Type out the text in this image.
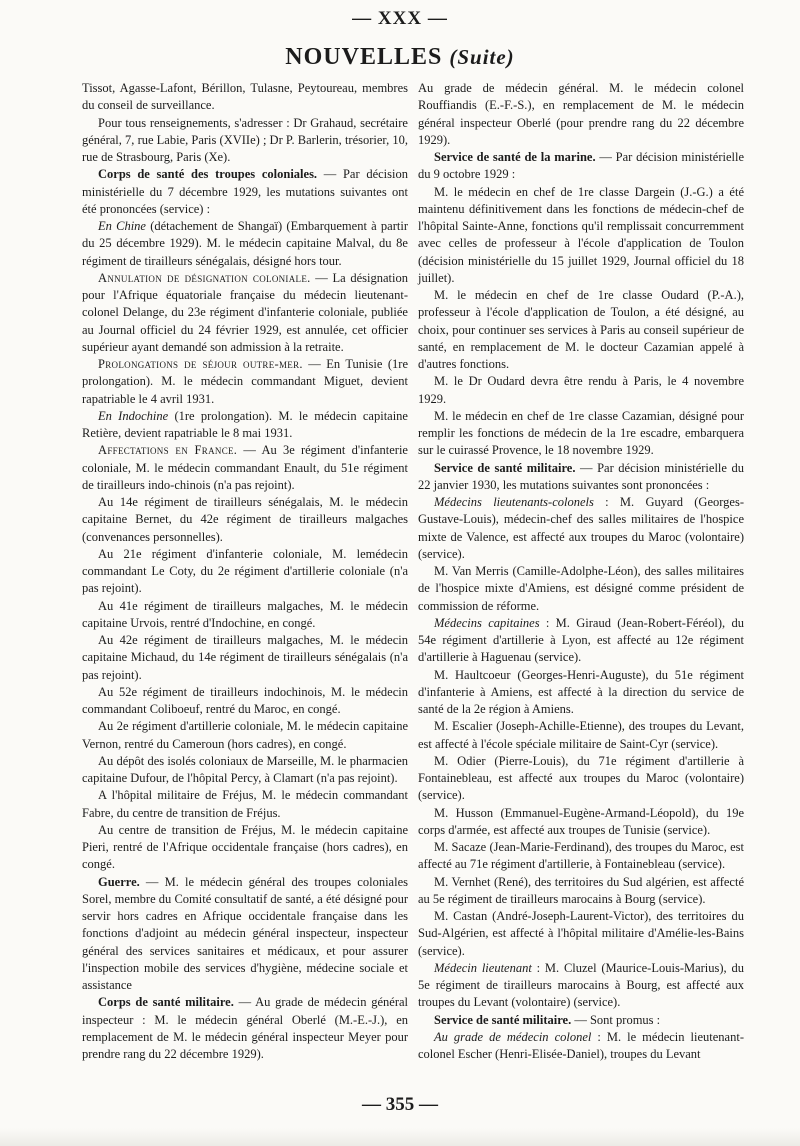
— XXX —
NOUVELLES (Suite)

Tissot, Agasse-Lafont, Bérillon, Tulasne, Peytoureau, membres du conseil de surveillance.

Pour tous renseignements, s'adresser : Dr Grahaud, secrétaire général, 7, rue Labie, Paris (XVIIe) ; Dr P. Barlerin, trésorier, 10, rue de Strasbourg, Paris (Xe).

Corps de santé des troupes coloniales. — Par décision ministérielle du 7 décembre 1929, les mutations suivantes ont été prononcées (service) :

En Chine (détachement de Shangaï) (Embarquement à partir du 25 décembre 1929). M. le médecin capitaine Malval, du 8e régiment de tirailleurs sénégalais, désigné hors tour.

Annulation de désignation coloniale. — La désignation pour l'Afrique équatoriale française du médecin lieutenant-colonel Delange, du 23e régiment d'infanterie coloniale, publiée au Journal officiel du 24 février 1929, est annulée, cet officier supérieur ayant demandé son admission à la retraite.

Prolongations de séjour outre-mer. — En Tunisie (1re prolongation). M. le médecin commandant Miguet, devient rapatriable le 4 avril 1931.

En Indochine (1re prolongation). M. le médecin capitaine Retière, devient rapatriable le 8 mai 1931.

Affectations en France. — Au 3e régiment d'infanterie coloniale, M. le médecin commandant Enault, du 51e régiment de tirailleurs indo-chinois (n'a pas rejoint).

Au 14e régiment de tirailleurs sénégalais, M. le médecin capitaine Bernet, du 42e régiment de tirailleurs malgaches (convenances personnelles).

Au 21e régiment d'infanterie coloniale, M. lemédecin commandant Le Coty, du 2e régiment d'artillerie coloniale (n'a pas rejoint).

Au 41e régiment de tirailleurs malgaches, M. le médecin capitaine Urvois, rentré d'Indochine, en congé.

Au 42e régiment de tirailleurs malgaches, M. le médecin capitaine Michaud, du 14e régiment de tirailleurs sénégalais (n'a pas rejoint).

Au 52e régiment de tirailleurs indochinois, M. le médecin commandant Coliboeuf, rentré du Maroc, en congé.

Au 2e régiment d'artillerie coloniale, M. le médecin capitaine Vernon, rentré du Cameroun (hors cadres), en congé.

Au dépôt des isolés coloniaux de Marseille, M. le pharmacien capitaine Dufour, de l'hôpital Percy, à Clamart (n'a pas rejoint).

A l'hôpital militaire de Fréjus, M. le médecin commandant Fabre, du centre de transition de Fréjus.

Au centre de transition de Fréjus, M. le médecin capitaine Pieri, rentré de l'Afrique occidentale française (hors cadres), en congé.

Guerre. — M. le médecin général des troupes coloniales Sorel, membre du Comité consultatif de santé, a été désigné pour servir hors cadres en Afrique occidentale française dans les fonctions d'adjoint au médecin général inspecteur, inspecteur général des services sanitaires et médicaux, et pour assurer l'inspection mobile des services d'hygiène, médecine sociale et assistance

Corps de santé militaire. — Au grade de médecin général inspecteur : M. le médecin général Oberlé (M.-E.-J.), en remplacement de M. le médecin général inspecteur Meyer pour prendre rang du 22 décembre 1929).

Au grade de médecin général. M. le médecin colonel Rouffiandis (E.-F.-S.), en remplacement de M. le médecin général inspecteur Oberlé (pour prendre rang du 22 décembre 1929).

Service de santé de la marine. — Par décision ministérielle du 9 octobre 1929 :

M. le médecin en chef de 1re classe Dargein (J.-G.) a été maintenu définitivement dans les fonctions de médecin-chef de l'hôpital Sainte-Anne, fonctions qu'il remplissait concurremment avec celles de professeur à l'école d'application de Toulon (décision ministérielle du 15 juillet 1929, Journal officiel du 18 juillet).

M. le médecin en chef de 1re classe Oudard (P.-A.), professeur à l'école d'application de Toulon, a été désigné, au choix, pour continuer ses services à Paris au conseil supérieur de santé, en remplacement de M. le docteur Cazamian appelé à d'autres fonctions.

M. le Dr Oudard devra être rendu à Paris, le 4 novembre 1929.

M. le médecin en chef de 1re classe Cazamian, désigné pour remplir les fonctions de médecin de la 1re escadre, embarquera sur le cuirassé Provence, le 18 novembre 1929.

Service de santé militaire. — Par décision ministérielle du 22 janvier 1930, les mutations suivantes sont prononcées :

Médecins lieutenants-colonels : M. Guyard (Georges-Gustave-Louis), médecin-chef des salles militaires de l'hospice mixte de Valence, est affecté aux troupes du Maroc (volontaire) (service).

M. Van Merris (Camille-Adolphe-Léon), des salles militaires de l'hospice mixte d'Amiens, est désigné comme président de commission de réforme.

Médecins capitaines : M. Giraud (Jean-Robert-Féréol), du 54e régiment d'artillerie à Lyon, est affecté au 12e régiment d'artillerie à Haguenau (service).

M. Haultcoeur (Georges-Henri-Auguste), du 51e régiment d'infanterie à Amiens, est affecté à la direction du service de santé de la 2e région à Amiens.

M. Escalier (Joseph-Achille-Etienne), des troupes du Levant, est affecté à l'école spéciale militaire de Saint-Cyr (service).

M. Odier (Pierre-Louis), du 71e régiment d'artillerie à Fontainebleau, est affecté aux troupes du Maroc (volontaire) (service).

M. Husson (Emmanuel-Eugène-Armand-Léopold), du 19e corps d'armée, est affecté aux troupes de Tunisie (service).

M. Sacaze (Jean-Marie-Ferdinand), des troupes du Maroc, est affecté au 71e régiment d'artillerie, à Fontainebleau (service).

M. Vernhet (René), des territoires du Sud algérien, est affecté au 5e régiment de tirailleurs marocains à Bourg (service).

M. Castan (André-Joseph-Laurent-Victor), des territoires du Sud-Algérien, est affecté à l'hôpital militaire d'Amélie-les-Bains (service).

Médecin lieutenant : M. Cluzel (Maurice-Louis-Marius), du 5e régiment de tirailleurs marocains à Bourg, est affecté aux troupes du Levant (volontaire) (service).

Service de santé militaire. — Sont promus :

Au grade de médecin colonel : M. le médecin lieutenant-colonel Escher (Henri-Elisée-Daniel), troupes du Levant

— 355 —
